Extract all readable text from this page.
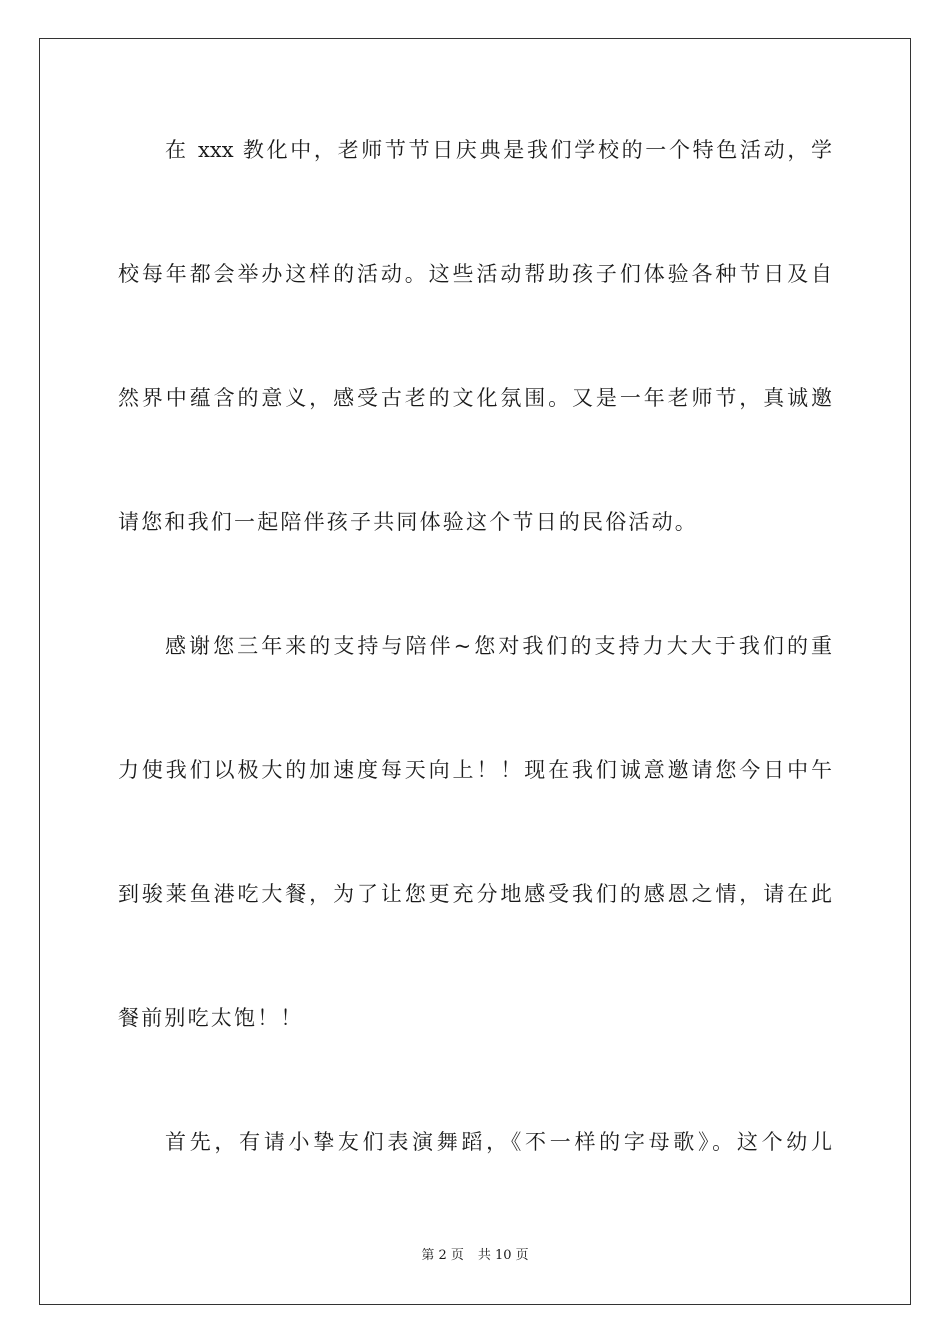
在 xxx 教化中，老师节节日庆典是我们学校的一个特色活动，学

校每年都会举办这样的活动。这些活动帮助孩子们体验各种节日及自

然界中蕴含的意义，感受古老的文化氛围。又是一年老师节，真诚邀

请您和我们一起陪伴孩子共同体验这个节日的民俗活动。

感谢您三年来的支持与陪伴~您对我们的支持力大大于我们的重

力使我们以极大的加速度每天向上！！现在我们诚意邀请您今日中午

到骏莱鱼港吃大餐，为了让您更充分地感受我们的感恩之情，请在此

餐前别吃太饱！！

首先，有请小挚友们表演舞蹈，《不一样的字母歌》。这个幼儿

第 2 页 共 10 页
